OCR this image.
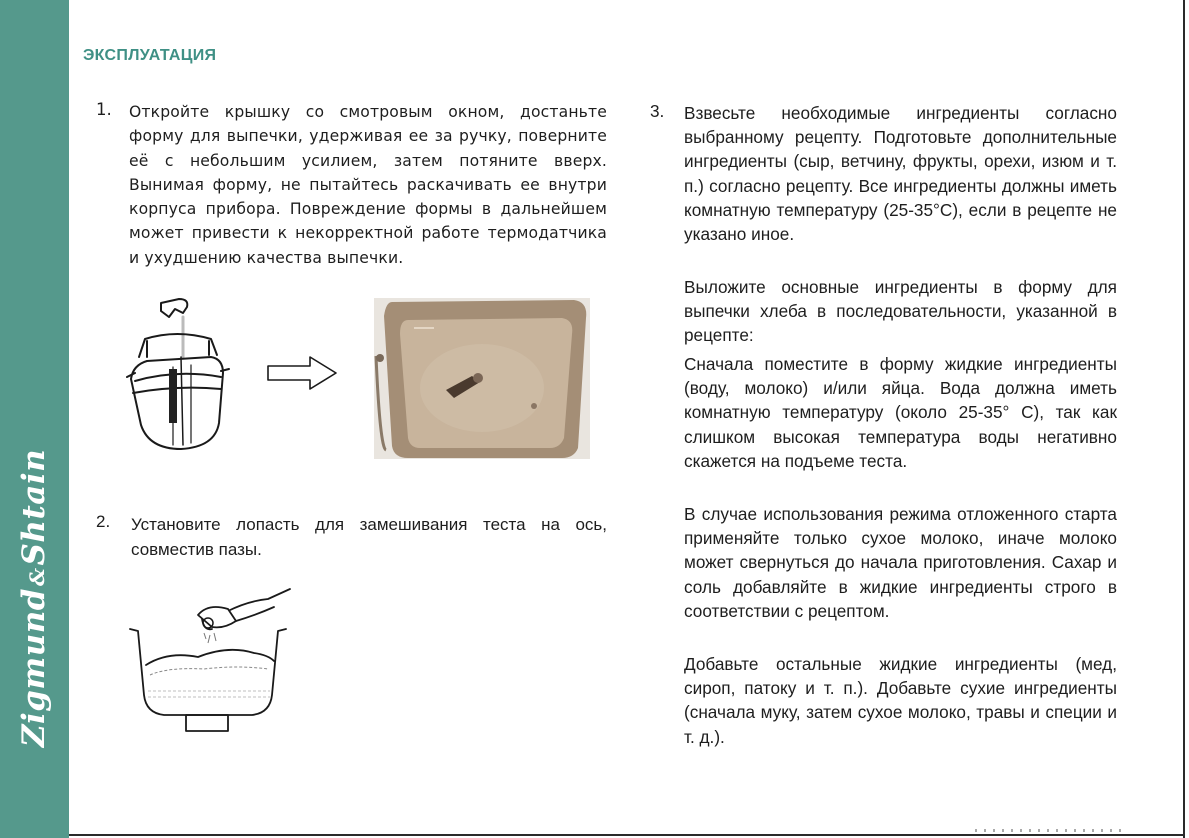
Zigmund&Shtain
ЭКСПЛУАТАЦИЯ
1. Откройте крышку со смотровым окном, достаньте форму для выпечки, удерживая ее за ручку, поверните её с небольшим усилием, затем потяните вверх. Вынимая форму, не пытайтесь раскачивать ее внутри корпуса прибора. Повреждение формы в дальнейшем может привести к некорректной работе термодатчика и ухудшению качества выпечки.

2. Установите лопасть для замешивания теста на ось, совместив пазы.

3. Взвесьте необходимые ингредиенты согласно выбранному рецепту. Подготовьте дополнительные ингредиенты (сыр, ветчину, фрукты, орехи, изюм и т. п.) согласно рецепту. Все ингредиенты должны иметь комнатную температуру (25-35°С), если в рецепте не указано иное.

Выложите основные ингредиенты в форму для выпечки хлеба в последовательности, указанной в рецепте:

Сначала поместите в форму жидкие ингредиенты (воду, молоко) и/или яйца. Вода должна иметь комнатную температуру (около 25-35° С), так как слишком высокая температура воды негативно скажется на подъеме теста.

В случае использования режима отложенного старта применяйте только сухое молоко, иначе молоко может свернуться до начала приготовления. Сахар и соль добавляйте в жидкие ингредиенты строго в соответствии с рецептом.

Добавьте остальные жидкие ингредиенты (мед, сироп, патоку и т. п.). Добавьте сухие ингредиенты (сначала муку, затем сухое молоко, травы и специи и т. д.).
